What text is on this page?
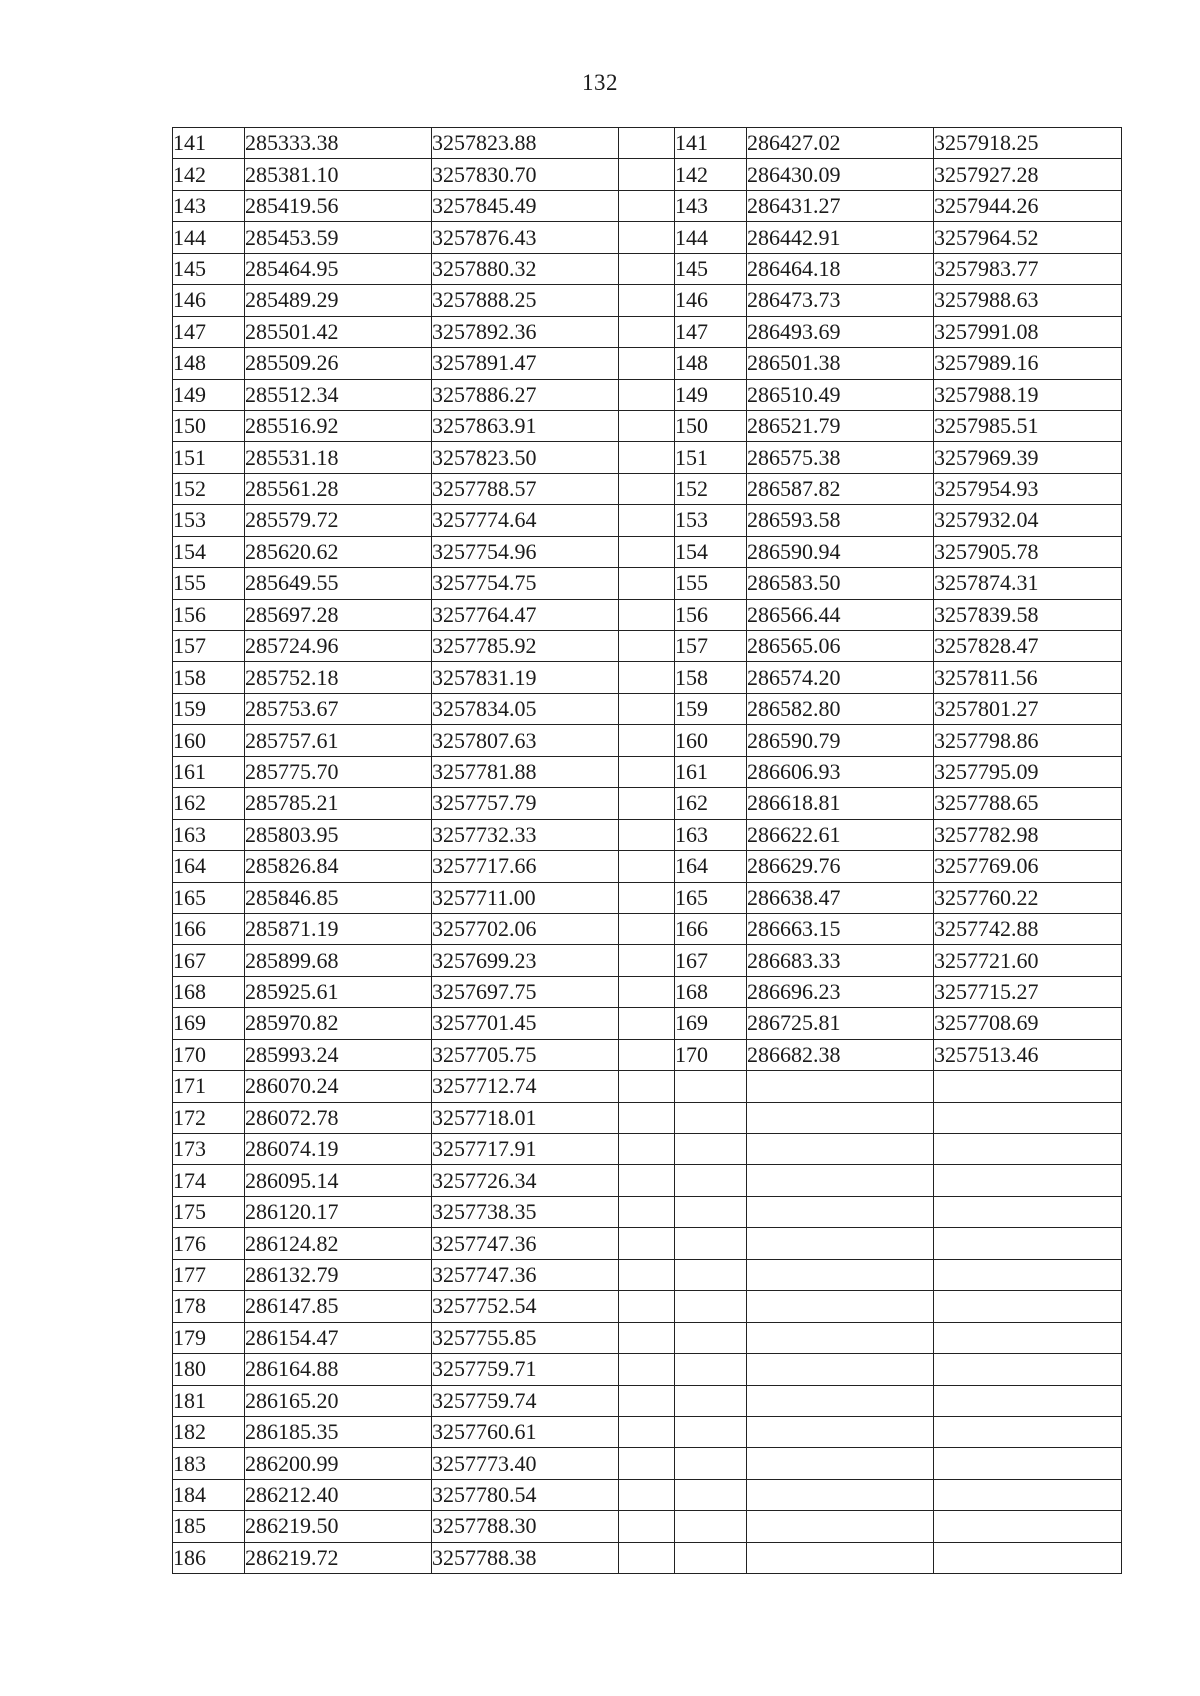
132
141	285333.38	3257823.88		141	286427.02	3257918.25
142	285381.10	3257830.70		142	286430.09	3257927.28
143	285419.56	3257845.49		143	286431.27	3257944.26
144	285453.59	3257876.43		144	286442.91	3257964.52
145	285464.95	3257880.32		145	286464.18	3257983.77
146	285489.29	3257888.25		146	286473.73	3257988.63
147	285501.42	3257892.36		147	286493.69	3257991.08
148	285509.26	3257891.47		148	286501.38	3257989.16
149	285512.34	3257886.27		149	286510.49	3257988.19
150	285516.92	3257863.91		150	286521.79	3257985.51
151	285531.18	3257823.50		151	286575.38	3257969.39
152	285561.28	3257788.57		152	286587.82	3257954.93
153	285579.72	3257774.64		153	286593.58	3257932.04
154	285620.62	3257754.96		154	286590.94	3257905.78
155	285649.55	3257754.75		155	286583.50	3257874.31
156	285697.28	3257764.47		156	286566.44	3257839.58
157	285724.96	3257785.92		157	286565.06	3257828.47
158	285752.18	3257831.19		158	286574.20	3257811.56
159	285753.67	3257834.05		159	286582.80	3257801.27
160	285757.61	3257807.63		160	286590.79	3257798.86
161	285775.70	3257781.88		161	286606.93	3257795.09
162	285785.21	3257757.79		162	286618.81	3257788.65
163	285803.95	3257732.33		163	286622.61	3257782.98
164	285826.84	3257717.66		164	286629.76	3257769.06
165	285846.85	3257711.00		165	286638.47	3257760.22
166	285871.19	3257702.06		166	286663.15	3257742.88
167	285899.68	3257699.23		167	286683.33	3257721.60
168	285925.61	3257697.75		168	286696.23	3257715.27
169	285970.82	3257701.45		169	286725.81	3257708.69
170	285993.24	3257705.75		170	286682.38	3257513.46
171	286070.24	3257712.74				
172	286072.78	3257718.01				
173	286074.19	3257717.91				
174	286095.14	3257726.34				
175	286120.17	3257738.35				
176	286124.82	3257747.36				
177	286132.79	3257747.36				
178	286147.85	3257752.54				
179	286154.47	3257755.85				
180	286164.88	3257759.71				
181	286165.20	3257759.74				
182	286185.35	3257760.61				
183	286200.99	3257773.40				
184	286212.40	3257780.54				
185	286219.50	3257788.30				
186	286219.72	3257788.38				
